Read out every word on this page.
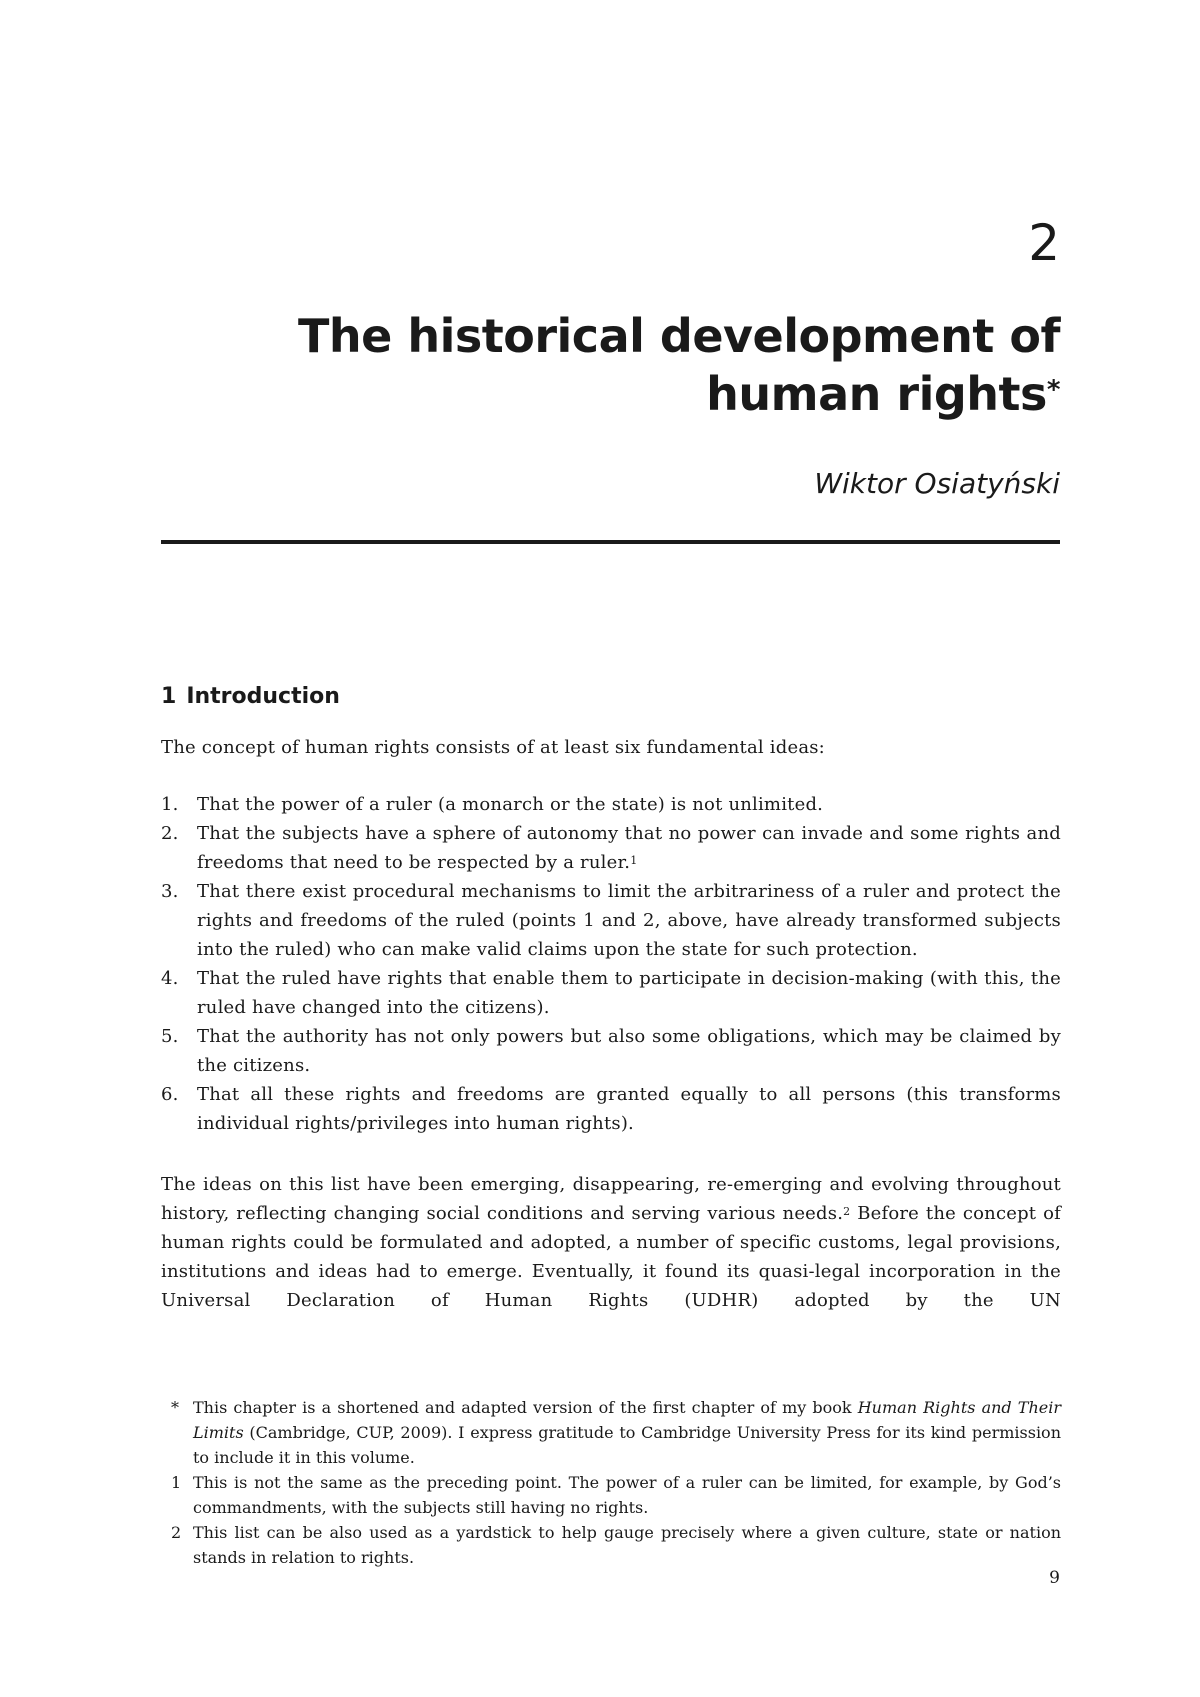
2
The historical development of
human rights*
Wiktor Osiatyński
1 Introduction
The concept of human rights consists of at least six fundamental ideas:
1. That the power of a ruler (a monarch or the state) is not unlimited.
2. That the subjects have a sphere of autonomy that no power can invade and some rights and freedoms that need to be respected by a ruler.$^1$
3. That there exist procedural mechanisms to limit the arbitrariness of a ruler and protect the rights and freedoms of the ruled (points 1 and 2, above, have already transformed subjects into the ruled) who can make valid claims upon the state for such protection.
4. That the ruled have rights that enable them to participate in decision-making (with this, the ruled have changed into the citizens).
5. That the authority has not only powers but also some obligations, which may be claimed by the citizens.
6. That all these rights and freedoms are granted equally to all persons (this transforms individual rights/privileges into human rights).

The ideas on this list have been emerging, disappearing, re-emerging and evolving throughout history, reflecting changing social conditions and serving various needs.$^2$ Before the concept of human rights could be formulated and adopted, a number of specific customs, legal provisions, institutions and ideas had to emerge. Eventually, it found its quasi-legal incorporation in the Universal Declaration of Human Rights (UDHR) adopted by the UN

* This chapter is a shortened and adapted version of the first chapter of my book Human Rights and Their Limits (Cambridge, CUP, 2009). I express gratitude to Cambridge University Press for its kind permission to include it in this volume.
1 This is not the same as the preceding point. The power of a ruler can be limited, for example, by God’s commandments, with the subjects still having no rights.
2 This list can be also used as a yardstick to help gauge precisely where a given culture, state or nation stands in relation to rights.
9
